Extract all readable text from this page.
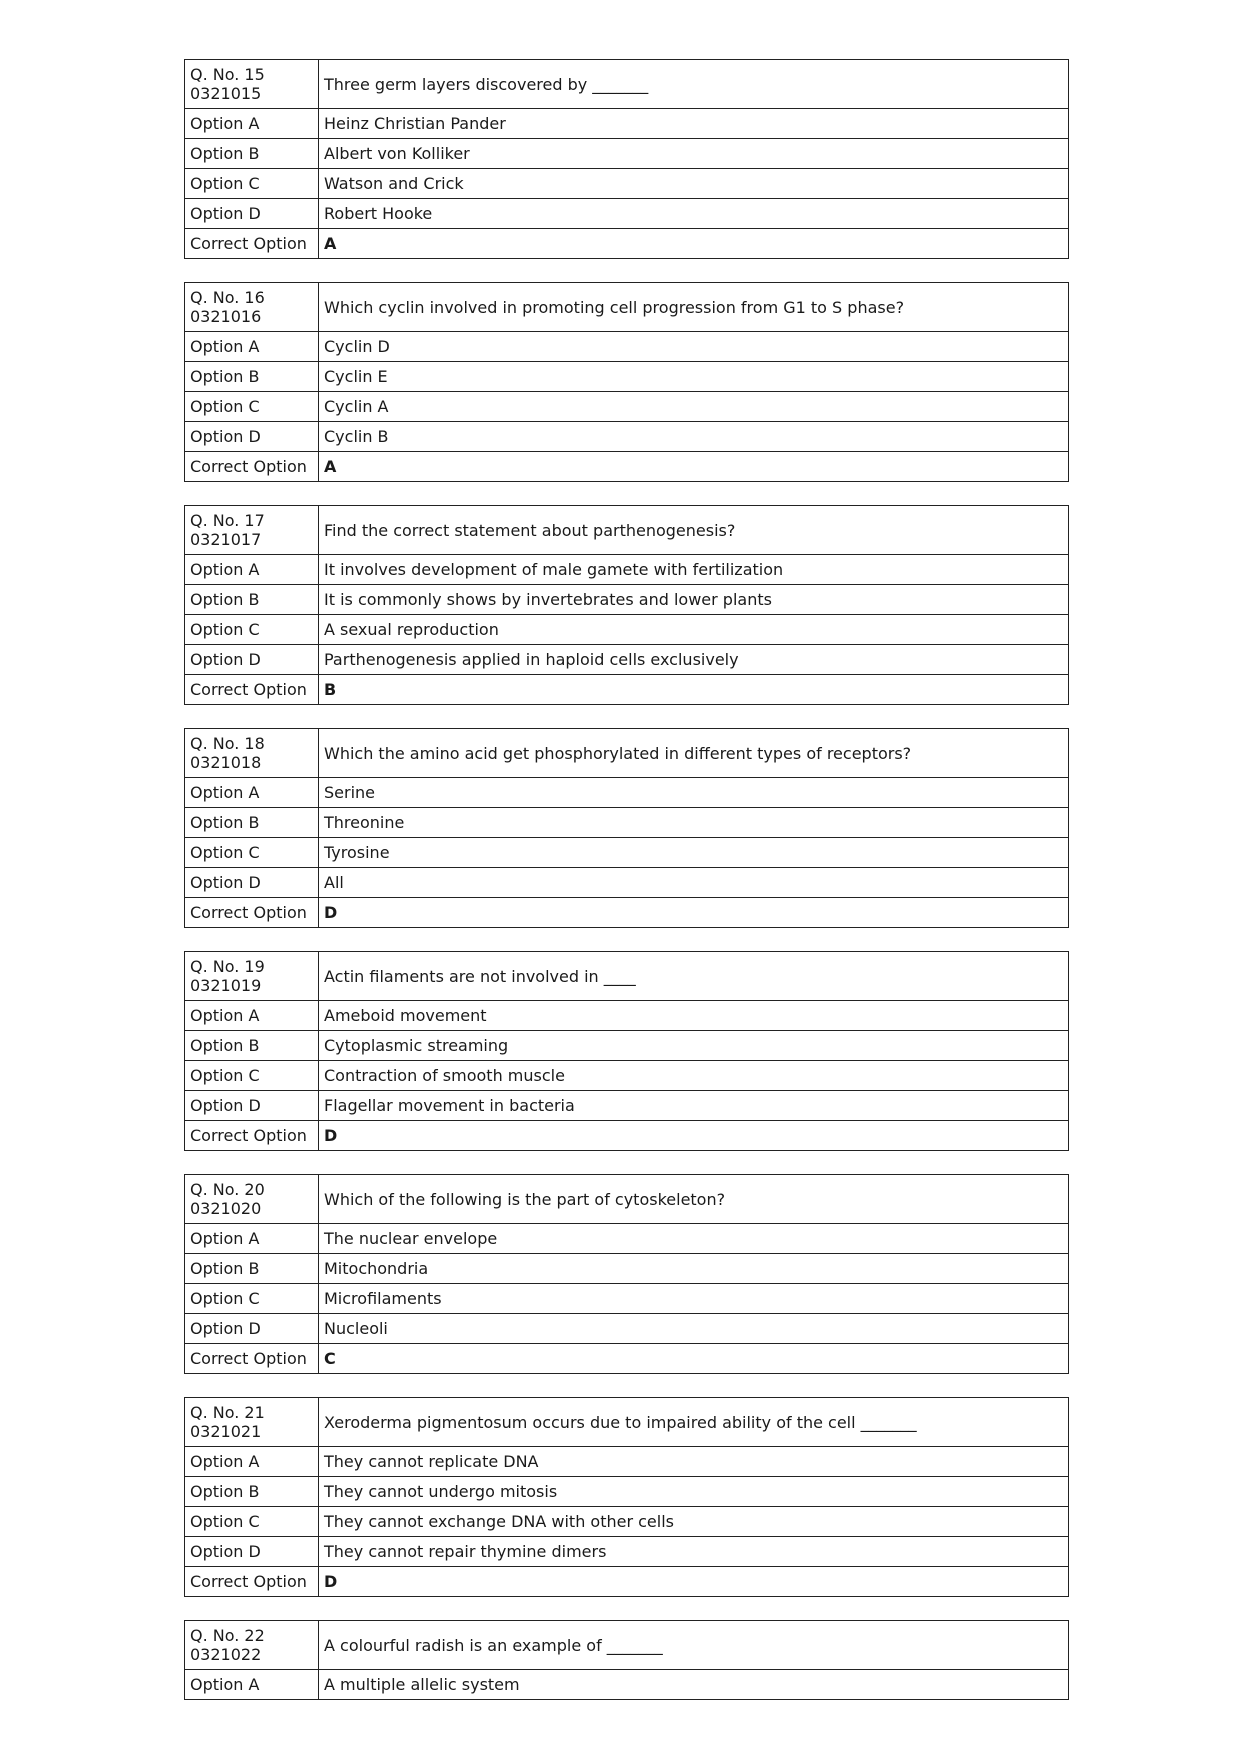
Q. No. 15
0321015	Three germ layers discovered by _______
Option A	Heinz Christian Pander
Option B	Albert von Kolliker
Option C	Watson and Crick
Option D	Robert Hooke
Correct Option	A
Q. No. 16
0321016	Which cyclin involved in promoting cell progression from G1 to S phase?
Option A	Cyclin D
Option B	Cyclin E
Option C	Cyclin A
Option D	Cyclin B
Correct Option	A
Q. No. 17
0321017	Find the correct statement about parthenogenesis?
Option A	It involves development of male gamete with fertilization
Option B	It is commonly shows by invertebrates and lower plants
Option C	A sexual reproduction
Option D	Parthenogenesis applied in haploid cells exclusively
Correct Option	B
Q. No. 18
0321018	Which the amino acid get phosphorylated in different types of receptors?
Option A	Serine
Option B	Threonine
Option C	Tyrosine
Option D	All
Correct Option	D
Q. No. 19
0321019	Actin filaments are not involved in ____
Option A	Ameboid movement
Option B	Cytoplasmic streaming
Option C	Contraction of smooth muscle
Option D	Flagellar movement in bacteria
Correct Option	D
Q. No. 20
0321020	Which of the following is the part of cytoskeleton?
Option A	The nuclear envelope
Option B	Mitochondria
Option C	Microfilaments
Option D	Nucleoli
Correct Option	C
Q. No. 21
0321021	Xeroderma pigmentosum occurs due to impaired ability of the cell _______
Option A	They cannot replicate DNA
Option B	They cannot undergo mitosis
Option C	They cannot exchange DNA with other cells
Option D	They cannot repair thymine dimers
Correct Option	D
Q. No. 22
0321022	A colourful radish is an example of _______
Option A	A multiple allelic system
